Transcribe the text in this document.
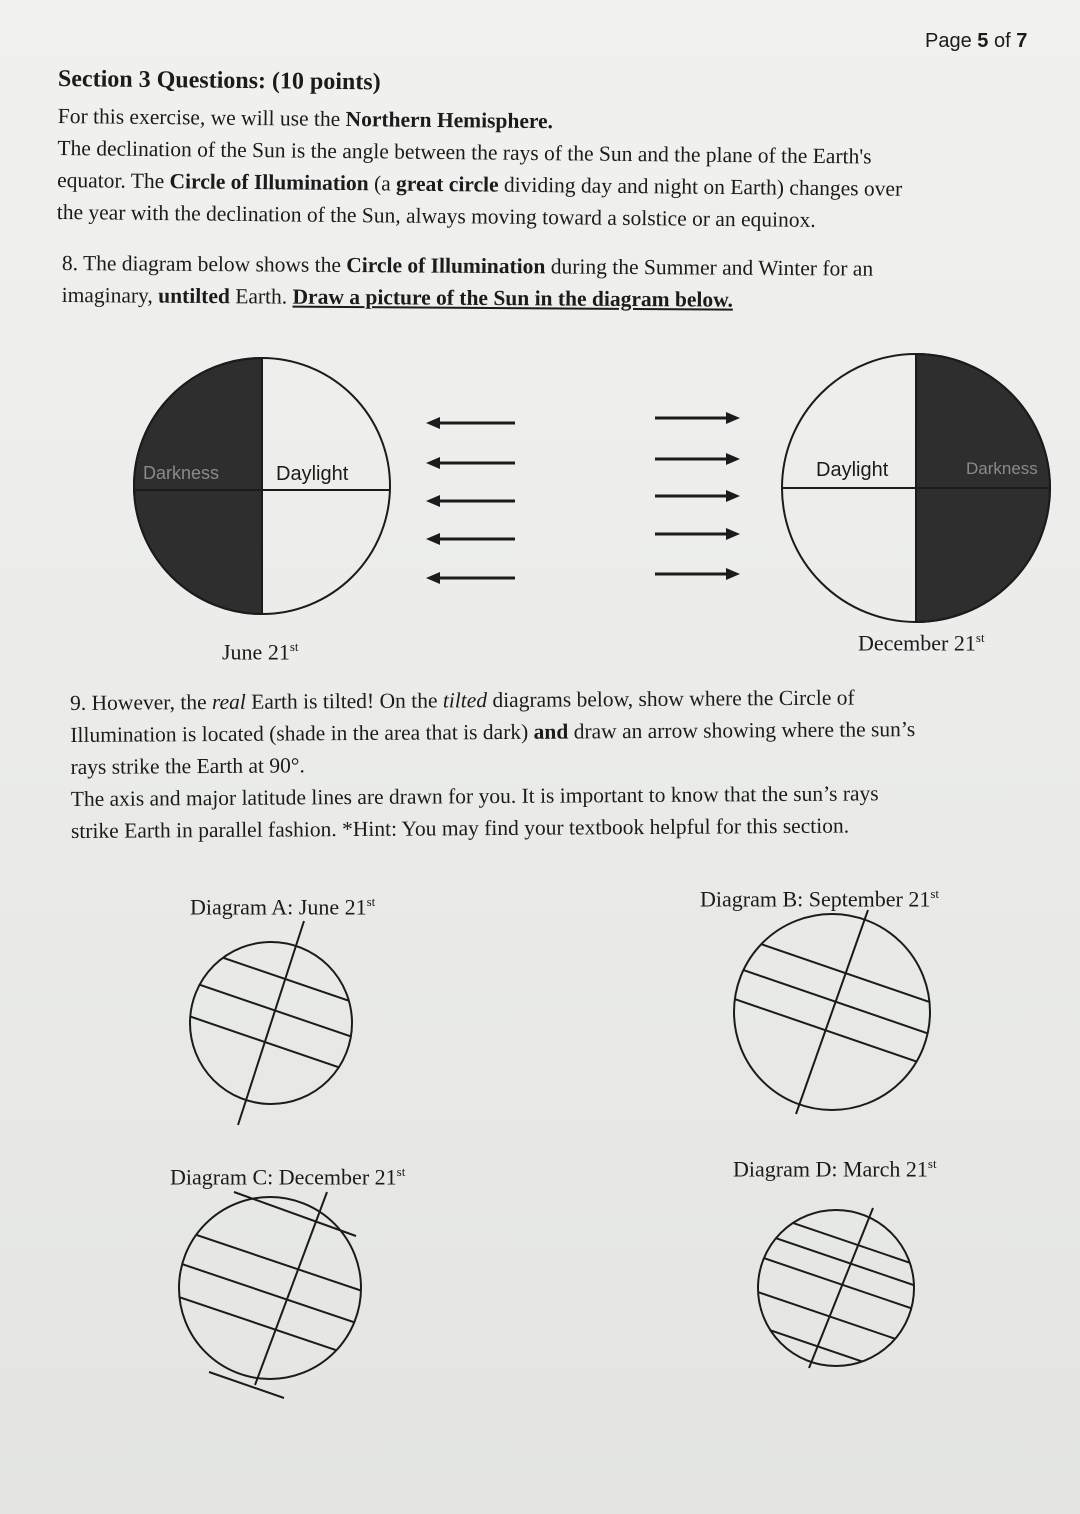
Page 5 of 7
Section 3 Questions: (10 points)
For this exercise, we will use the Northern Hemisphere.
The declination of the Sun is the angle between the rays of the Sun and the plane of the Earth's
equator. The Circle of Illumination (a great circle dividing day and night on Earth) changes over
the year with the declination of the Sun, always moving toward a solstice or an equinox.
8. The diagram below shows the Circle of Illumination during the Summer and Winter for an
imaginary, untilted Earth. Draw a picture of the Sun in the diagram below.
Darkness	Daylight	Daylight	Darkness
June 21st	December 21st
9. However, the real Earth is tilted! On the tilted diagrams below, show where the Circle of
Illumination is located (shade in the area that is dark) and draw an arrow showing where the sun’s
rays strike the Earth at 90°.
The axis and major latitude lines are drawn for you. It is important to know that the sun’s rays
strike Earth in parallel fashion. *Hint: You may find your textbook helpful for this section.
Diagram A: June 21st	Diagram B: September 21st
Diagram C: December 21st	Diagram D: March 21st
